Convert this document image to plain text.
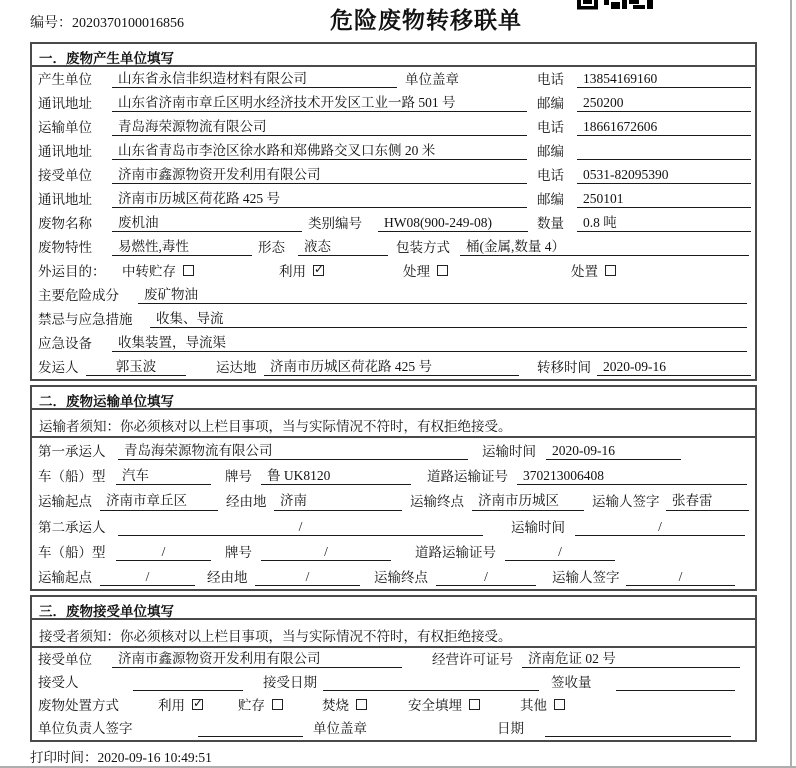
编号：2020370100016856	危险废物转移联单
一．废物产生单位填写
产生单位	山东省永信非织造材料有限公司	单位盖章	电话	13854169160
通讯地址	山东省济南市章丘区明水经济技术开发区工业一路 501 号	邮编	250200
运输单位	青岛海荣源物流有限公司	电话	18661672606
通讯地址	山东省青岛市李沧区徐水路和郑佛路交叉口东侧 20 米	邮编
接受单位	济南市鑫源物资开发利用有限公司	电话	0531-82095390
通讯地址	济南市历城区荷花路 425 号	邮编	250101
废物名称	废机油	类别编号	HW08(900-249-08)	数量	0.8 吨
废物特性	易燃性,毒性	形态	液态	包装方式	桶(金属,数量 4）
外运目的：	中转贮存	利用 ✓	处理	处置
主要危险成分	废矿物油
禁忌与应急措施	收集、导流
应急设备	收集装置，导流渠
发运人	郭玉波	运达地	济南市历城区荷花路 425 号	转移时间 2020-09-16
二．废物运输单位填写
运输者须知：你必须核对以上栏目事项，当与实际情况不符时，有权拒绝接受。
第一承运人	青岛海荣源物流有限公司	运输时间	2020-09-16
车（船）型	汽车	牌号	鲁 UK8120	道路运输证号	370213006408
运输起点	济南市章丘区	经由地	济南	运输终点	济南市历城区	运输人签字 张春雷
第二承运人	/	运输时间	/
车（船）型	/	牌号	/	道路运输证号	/
运输起点	/	经由地	/	运输终点	/	运输人签字	/
三．废物接受单位填写
接受者须知：你必须核对以上栏目事项，当与实际情况不符时，有权拒绝接受。
接受单位	济南市鑫源物资开发利用有限公司	经营许可证号	济南危证 02 号
接受人	接受日期	签收量
废物处置方式	利用 ✓	贮存	焚烧	安全填埋	其他
单位负责人签字	单位盖章	日期
打印时间：2020-09-16 10:49:51
